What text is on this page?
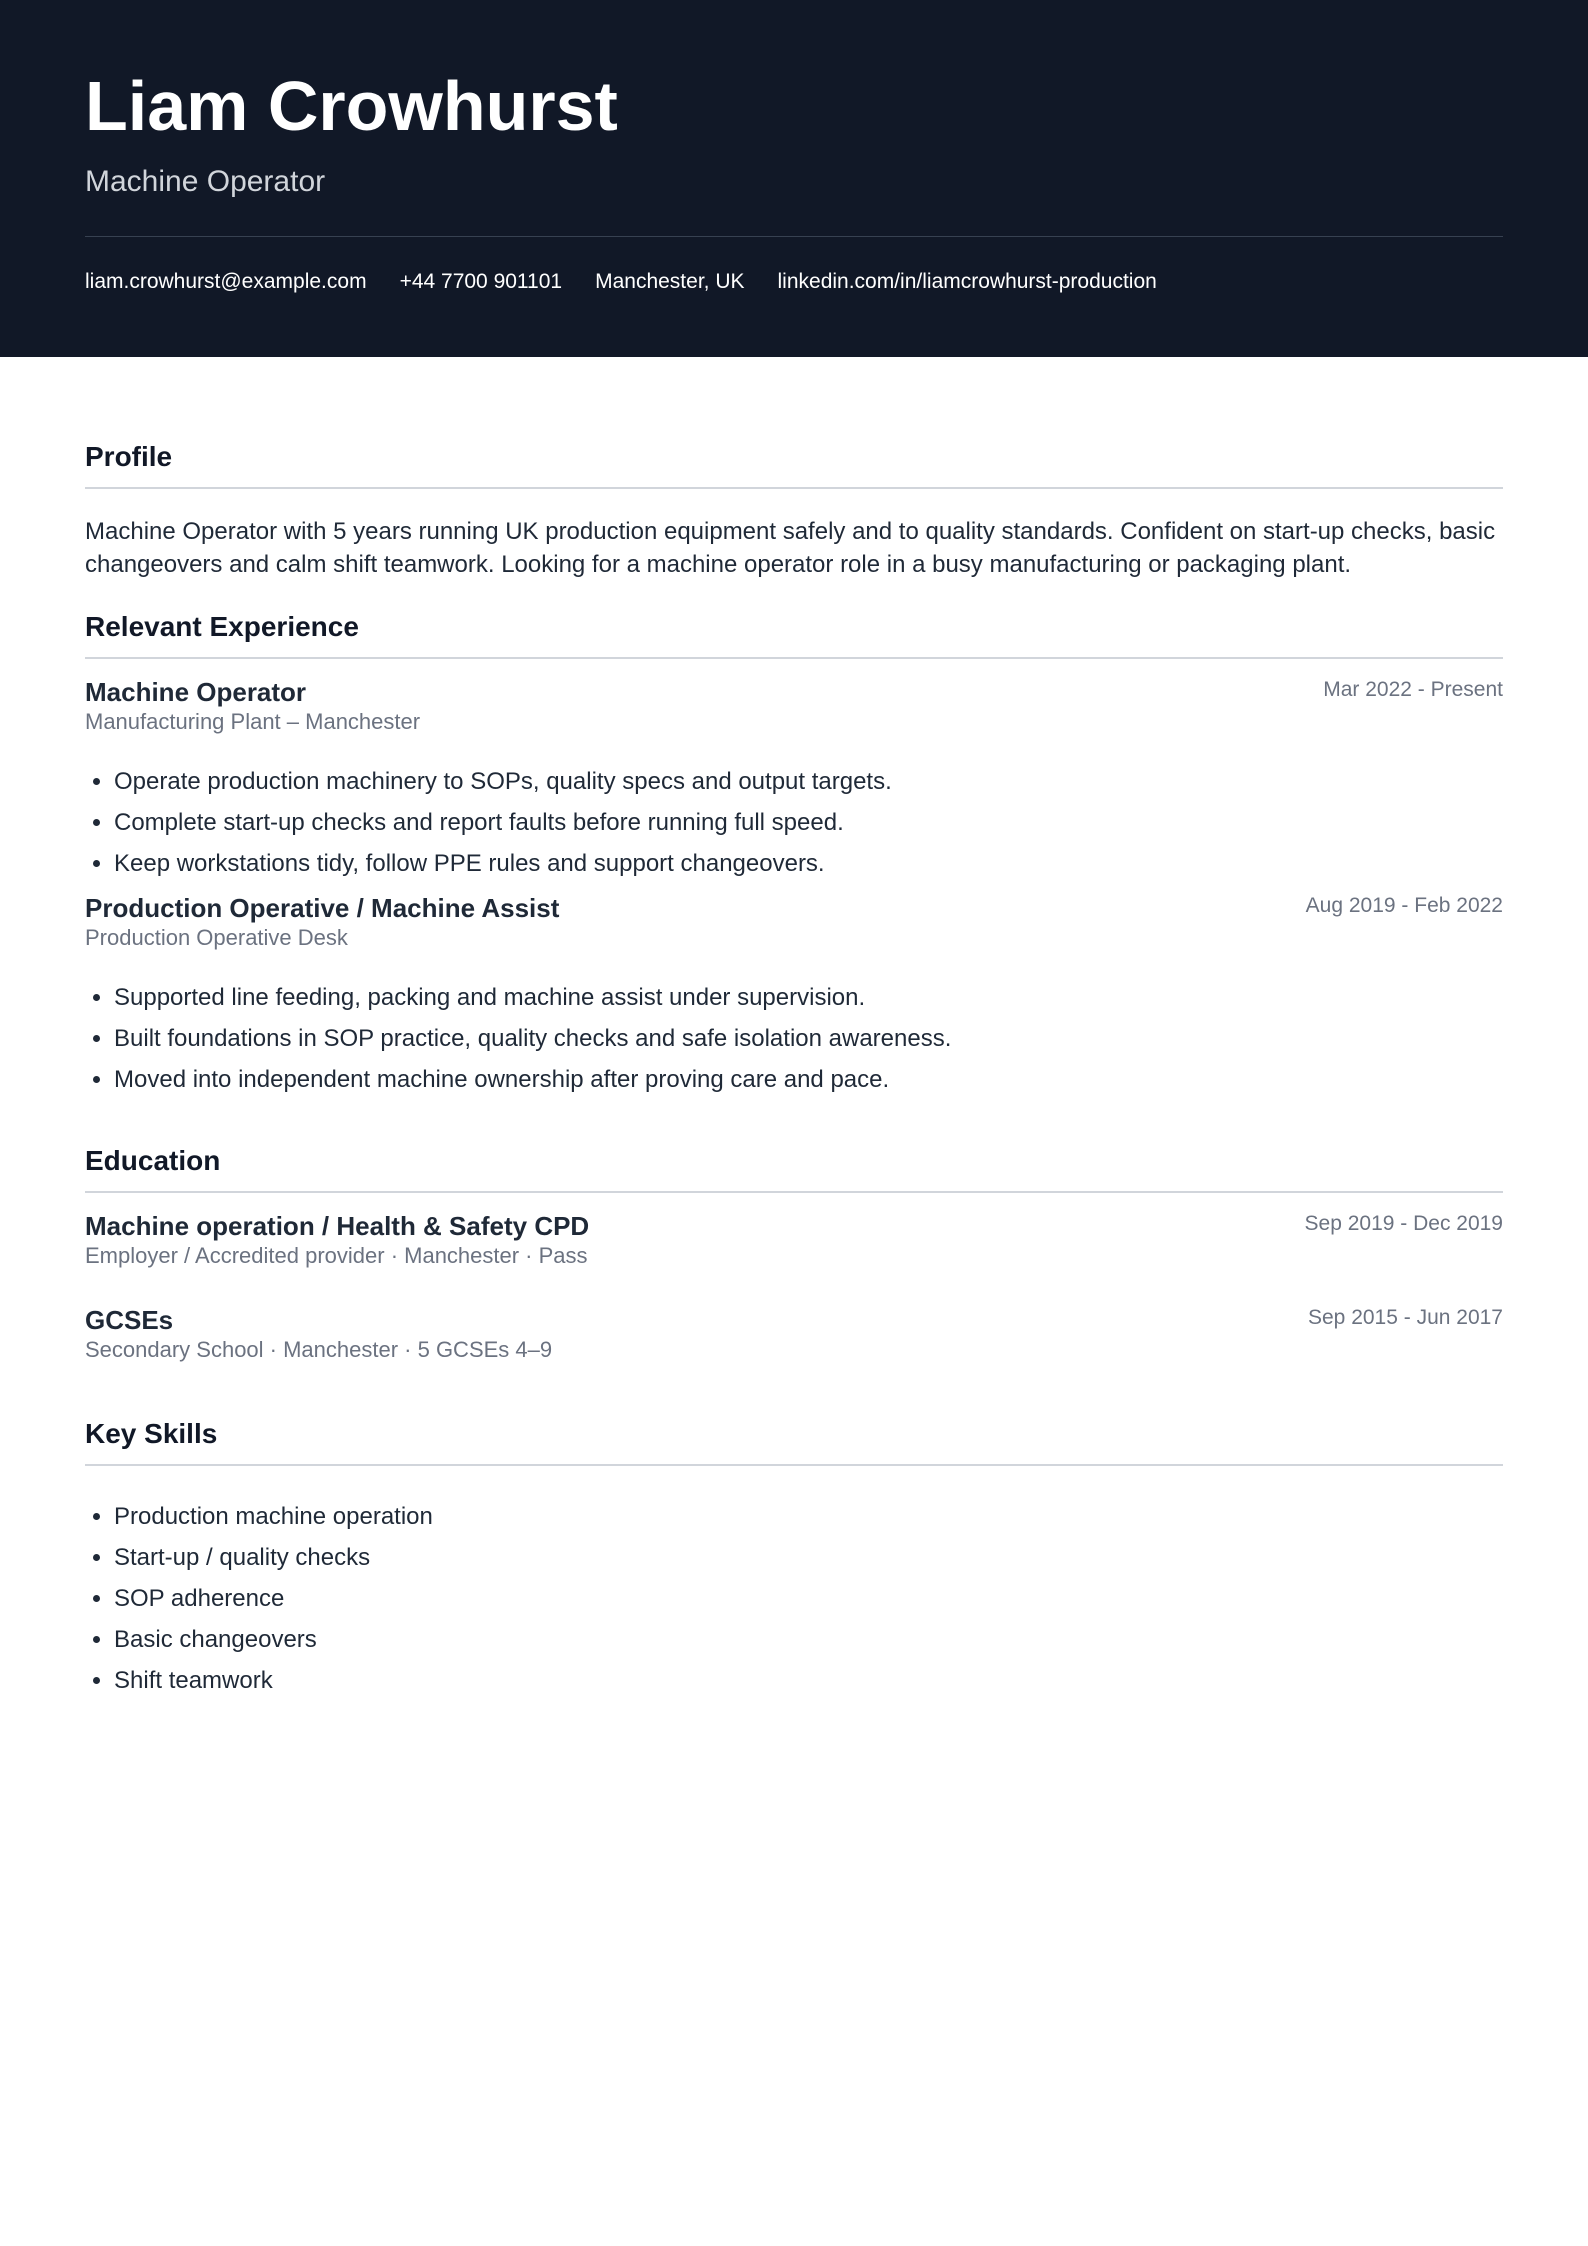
Liam Crowhurst
Machine Operator
liam.crowhurst@example.com +44 7700 901101 Manchester, UK linkedin.com/in/liamcrowhurst-production
Profile
Machine Operator with 5 years running UK production equipment safely and to quality standards. Confident on start-up checks, basic changeovers and calm shift teamwork. Looking for a machine operator role in a busy manufacturing or packaging plant.
Relevant Experience
Machine Operator	Mar 2022 - Present
Manufacturing Plant – Manchester
• Operate production machinery to SOPs, quality specs and output targets.
• Complete start-up checks and report faults before running full speed.
• Keep workstations tidy, follow PPE rules and support changeovers.
Production Operative / Machine Assist	Aug 2019 - Feb 2022
Production Operative Desk
• Supported line feeding, packing and machine assist under supervision.
• Built foundations in SOP practice, quality checks and safe isolation awareness.
• Moved into independent machine ownership after proving care and pace.
Education
Machine operation / Health & Safety CPD	Sep 2019 - Dec 2019
Employer / Accredited provider · Manchester · Pass
GCSEs	Sep 2015 - Jun 2017
Secondary School · Manchester · 5 GCSEs 4–9
Key Skills
• Production machine operation
• Start-up / quality checks
• SOP adherence
• Basic changeovers
• Shift teamwork
